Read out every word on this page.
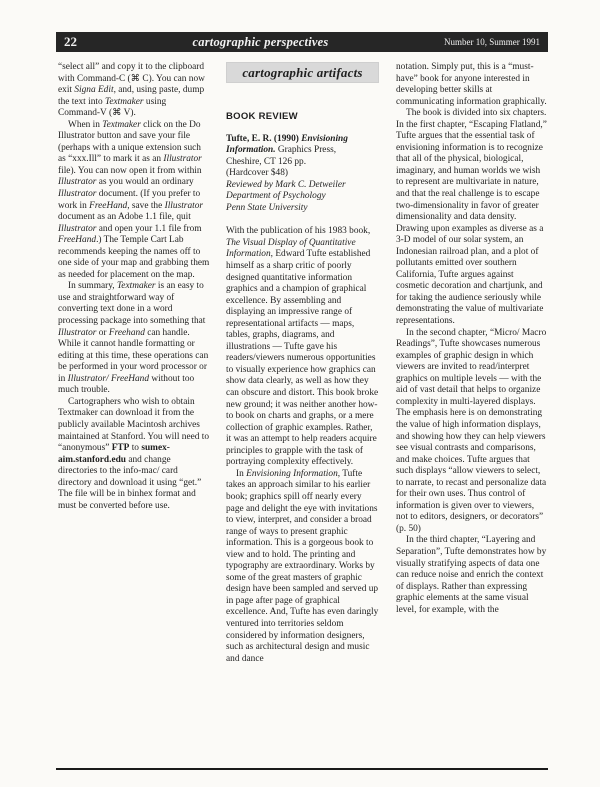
22	cartographic perspectives	Number 10, Summer 1991

“select all” and copy it to the clipboard with Command-C (⌘ C). You can now exit Signa Edit, and, using paste, dump the text into Textmaker using Command-V (⌘ V).

When in Textmaker click on the Do Illustrator button and save your file (perhaps with a unique extension such as “xxx.Ill” to mark it as an Illustrator file). You can now open it from within Illustrator as you would an ordinary Illustrator document. (If you prefer to work in FreeHand, save the Illustrator document as an Adobe 1.1 file, quit Illustrator and open your 1.1 file from FreeHand.) The Temple Cart Lab recommends keeping the names off to one side of your map and grabbing them as needed for placement on the map.

In summary, Textmaker is an easy to use and straightforward way of converting text done in a word processing package into something that Illustrator or Freehand can handle. While it cannot handle formatting or editing at this time, these operations can be performed in your word processor or in Illustrator/ FreeHand without too much trouble.

Cartographers who wish to obtain Textmaker can download it from the publicly available Macintosh archives maintained at Stanford. You will need to “anonymous” FTP to sumex-aim.stanford.edu and change directories to the info-mac/ card directory and download it using “get.” The file will be in binhex format and must be converted before use.

cartographic artifacts
BOOK REVIEW
Tufte, E. R. (1990) Envisioning Information. Graphics Press,
Cheshire, CT 126 pp.
(Hardcover $48)
Reviewed by Mark C. Detweiler
Department of Psychology
Penn State University

With the publication of his 1983 book, The Visual Display of Quantitative Information, Edward Tufte established himself as a sharp critic of poorly designed quantitative information graphics and a champion of graphical excellence. By assembling and displaying an impressive range of representational artifacts — maps, tables, graphs, diagrams, and illustrations — Tufte gave his readers/viewers numerous opportunities to visually experience how graphics can show data clearly, as well as how they can obscure and distort. This book broke new ground; it was neither another how-to book on charts and graphs, or a mere collection of graphic examples. Rather, it was an attempt to help readers acquire principles to grapple with the task of portraying complexity effectively.

In Envisioning Information, Tufte takes an approach similar to his earlier book; graphics spill off nearly every page and delight the eye with invitations to view, interpret, and consider a broad range of ways to present graphic information. This is a gorgeous book to view and to hold. The printing and typography are extraordinary. Works by some of the great masters of graphic design have been sampled and served up in page after page of graphical excellence. And, Tufte has even daringly ventured into territories seldom considered by information designers, such as architectural design and music and dance

notation. Simply put, this is a “must-have” book for anyone interested in developing better skills at communicating information graphically.

The book is divided into six chapters. In the first chapter, “Escaping Flatland,” Tufte argues that the essential task of envisioning information is to recognize that all of the physical, biological, imaginary, and human worlds we wish to represent are multivariate in nature, and that the real challenge is to escape two-dimensionality in favor of greater dimensionality and data density. Drawing upon examples as diverse as a 3-D model of our solar system, an Indonesian railroad plan, and a plot of pollutants emitted over southern California, Tufte argues against cosmetic decoration and chartjunk, and for taking the audience seriously while demonstrating the value of multivariate representations.

In the second chapter, “Micro/ Macro Readings”, Tufte showcases numerous examples of graphic design in which viewers are invited to read/interpret graphics on multiple levels — with the aid of vast detail that helps to organize complexity in multi-layered displays. The emphasis here is on demonstrating the value of high information displays, and showing how they can help viewers see visual contrasts and comparisons, and make choices. Tufte argues that such displays “allow viewers to select, to narrate, to recast and personalize data for their own uses. Thus control of information is given over to viewers, not to editors, designers, or decorators” (p. 50)

In the third chapter, “Layering and Separation”, Tufte demonstrates how by visually stratifying aspects of data one can reduce noise and enrich the context of displays. Rather than expressing graphic elements at the same visual level, for example, with the
